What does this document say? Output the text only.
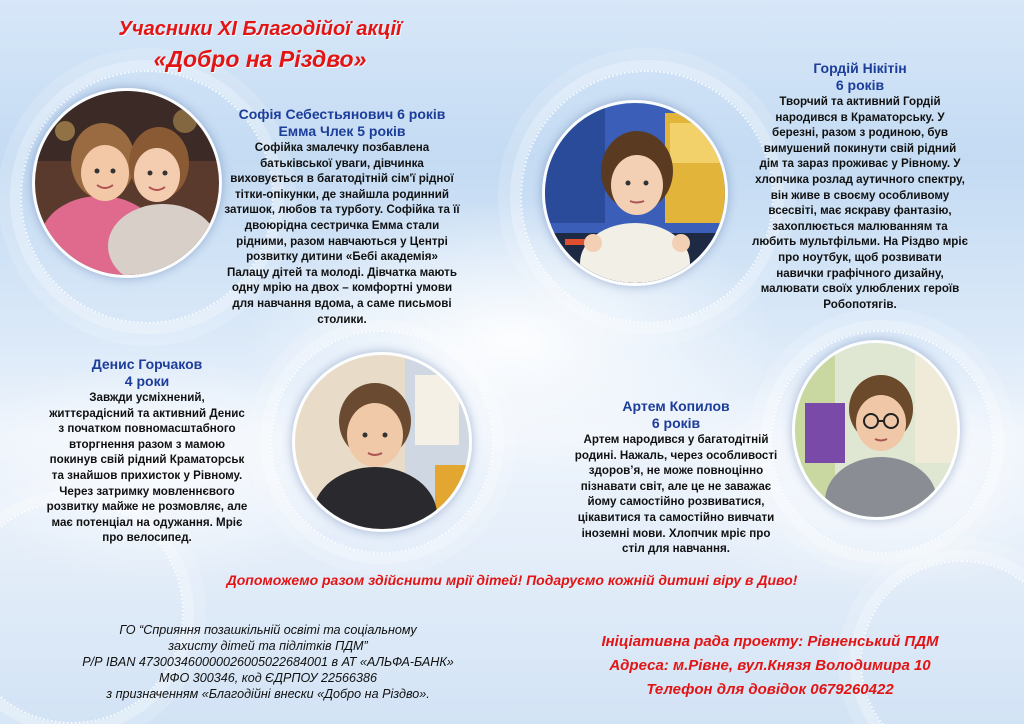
Учасники ХІ Благодійої акції
«Добро на Різдво»
Софія Себестьянович 6 років
Емма Члек 5 років
Софійка змалечку позбавлена
батьківської уваги, дівчинка
виховується в багатодітній сім'ї рідної
тітки-опікунки, де знайшла родинний
затишок, любов та турботу. Софійка та її
двоюрідна сестричка Емма стали
рідними, разом навчаються у Центрі
розвитку дитини «Бебі академія»
Палацу дітей та молоді. Дівчатка мають
одну мрію на двох – комфортні умови
для навчання вдома, а саме письмові
столики.
Гордій Нікітін
6 років
Творчий та активний Гордій
народився в Краматорську. У
березні, разом з родиною, був
вимушений покинути свій рідний
дім та зараз проживає у Рівному. У
хлопчика розлад аутичного спектру,
він живе в своєму особливому
всесвіті, має яскраву фантазію,
захоплюється малюванням та
любить мультфільми. На Різдво мріє
про ноутбук, щоб розвивати
навички графічного дизайну,
малювати своїх улюблених героїв
Робопотягів.
Денис Горчаков
4 роки
Завжди усміхнений,
життєрадісний та активний Денис
з початком повномасштабного
вторгнення разом з мамою
покинув свій рідний Краматорськ
та знайшов прихисток у Рівному.
Через затримку мовленнєвого
розвитку майже не розмовляє, але
має потенціал на одужання. Мріє
про велосипед.
Артем Копилов
6 років
Артем народився у багатодітній
родині. Нажаль, через особливості
здоров’я, не може повноцінно
пізнавати світ, але це не заважає
йому самостійно розвиватися,
цікавитися та самостійно вивчати
іноземні мови. Хлопчик мріє про
стіл для навчання.
Допоможемо разом здійснити мрії дітей! Подаруємо кожній дитині віру в Диво!
ГО “Сприяння позашкільній освіті та соціальному
захисту дітей та підлітків ПДМ”
Р/Р IBAN 473003460000026005022684001 в АТ «АЛЬФА-БАНК»
МФО 300346, код ЄДРПОУ 22566386
з призначенням «Благодійні внески «Добро на Різдво».
Ініціативна рада проекту: Рівненський ПДМ
Адреса: м.Рівне, вул.Князя Володимира 10
Телефон для довідок 0679260422
